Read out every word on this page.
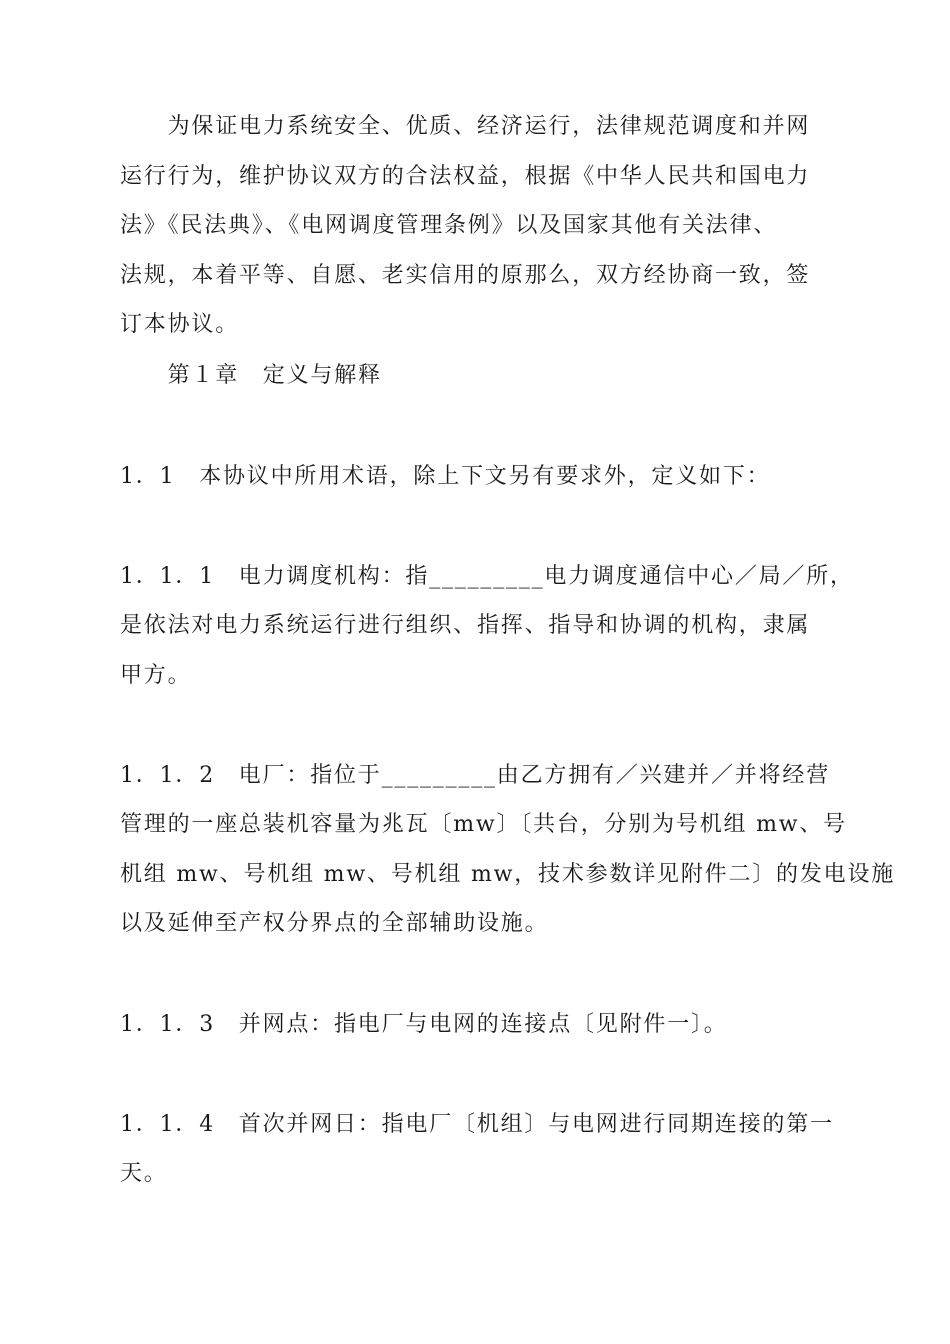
　　为保证电力系统安全、优质、经济运行，法律规范调度和并网
运行行为，维护协议双方的合法权益，根据《中华人民共和国电力
法》《民法典》、《电网调度管理条例》以及国家其他有关法律、
法规，本着平等、自愿、老实信用的原那么，双方经协商一致，签
订本协议。
　　第１章　定义与解释
1．1　本协议中所用术语，除上下文另有要求外，定义如下：
1．1．1　电力调度机构：指_________电力调度通信中心／局／所，
是依法对电力系统运行进行组织、指挥、指导和协调的机构，隶属
甲方。
1．1．2　电厂：指位于_________由乙方拥有／兴建并／并将经营
管理的一座总装机容量为兆瓦〔mw〕〔共台，分别为号机组 mw、号
机组 mw、号机组 mw、号机组 mw，技术参数详见附件二〕的发电设施
以及延伸至产权分界点的全部辅助设施。
1．1．3　并网点：指电厂与电网的连接点〔见附件一〕。
1．1．4　首次并网日：指电厂〔机组〕与电网进行同期连接的第一
天。
